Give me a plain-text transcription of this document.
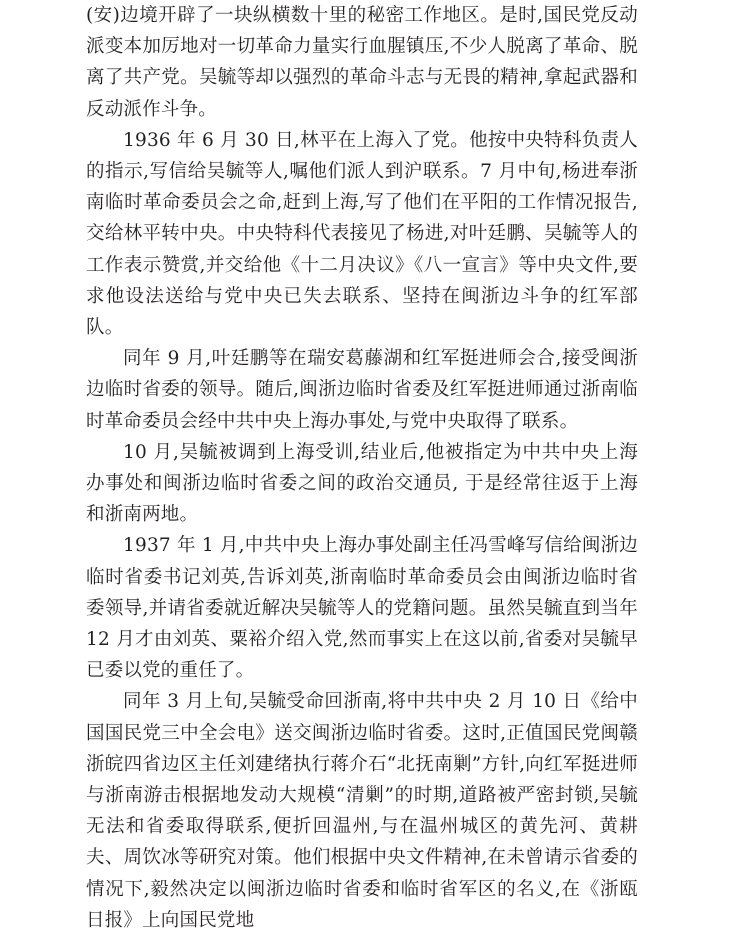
(安)边境开辟了一块纵横数十里的秘密工作地区。是时,国民党反动派变本加厉地对一切革命力量实行血腥镇压,不少人脱离了革命、脱离了共产党。吴毓等却以强烈的革命斗志与无畏的精神,拿起武器和反动派作斗争。

1936 年 6 月 30 日,林平在上海入了党。他按中央特科负责人的指示,写信给吴毓等人,嘱他们派人到沪联系。7 月中旬,杨进奉浙南临时革命委员会之命,赶到上海,写了他们在平阳的工作情况报告,交给林平转中央。中央特科代表接见了杨进,对叶廷鹏、吴毓等人的工作表示赞赏,并交给他《十二月决议》《八一宣言》等中央文件,要求他设法送给与党中央已失去联系、坚持在闽浙边斗争的红军部队。

同年 9 月,叶廷鹏等在瑞安葛藤湖和红军挺进师会合,接受闽浙边临时省委的领导。随后,闽浙边临时省委及红军挺进师通过浙南临时革命委员会经中共中央上海办事处,与党中央取得了联系。

10 月,吴毓被调到上海受训,结业后,他被指定为中共中央上海办事处和闽浙边临时省委之间的政治交通员, 于是经常往返于上海和浙南两地。

1937 年 1 月,中共中央上海办事处副主任冯雪峰写信给闽浙边临时省委书记刘英,告诉刘英,浙南临时革命委员会由闽浙边临时省委领导,并请省委就近解决吴毓等人的党籍问题。虽然吴毓直到当年 12 月才由刘英、粟裕介绍入党,然而事实上在这以前,省委对吴毓早已委以党的重任了。

同年 3 月上旬,吴毓受命回浙南,将中共中央 2 月 10 日《给中国国民党三中全会电》送交闽浙边临时省委。这时,正值国民党闽赣浙皖四省边区主任刘建绪执行蒋介石“北抚南剿”方针,向红军挺进师与浙南游击根据地发动大规模“清剿”的时期,道路被严密封锁,吴毓无法和省委取得联系,便折回温州,与在温州城区的黄先河、黄耕夫、周饮冰等研究对策。他们根据中央文件精神,在未曾请示省委的情况下,毅然决定以闽浙边临时省委和临时省军区的名义,在《浙瓯日报》上向国民党地
